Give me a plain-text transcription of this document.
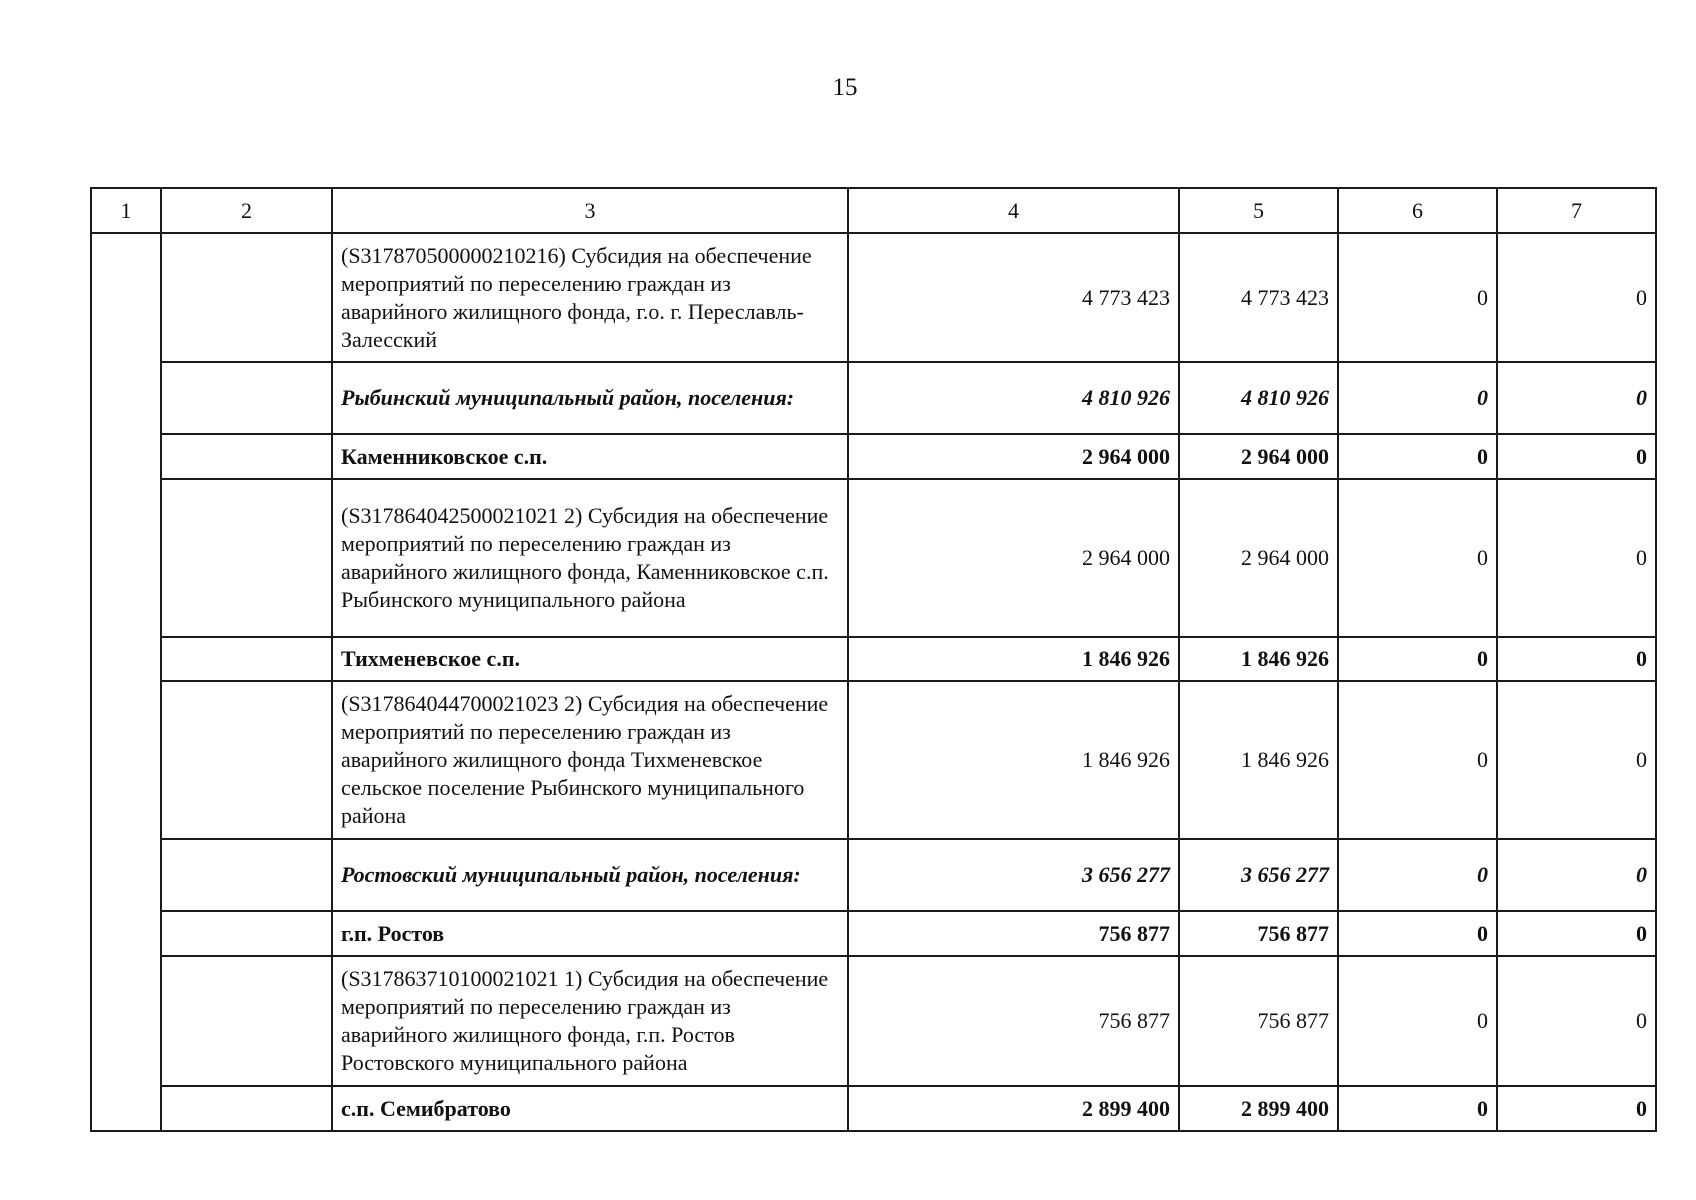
15
1	2	3	4	5	6	7
		(S317870500000210216) Субсидия на обеспечение мероприятий по переселению граждан из аварийного жилищного фонда, г.о. г. Переславль-Залесский	4 773 423	4 773 423	0	0
		Рыбинский муниципальный район, поселения:	4 810 926	4 810 926	0	0
		Каменниковское с.п.	2 964 000	2 964 000	0	0
		(S317864042500021021 2) Субсидия на обеспечение мероприятий по переселению граждан из аварийного жилищного фонда, Каменниковское с.п. Рыбинского муниципального района	2 964 000	2 964 000	0	0
		Тихменевское с.п.	1 846 926	1 846 926	0	0
		(S317864044700021023 2) Субсидия на обеспечение мероприятий по переселению граждан из аварийного жилищного фонда Тихменевское сельское поселение Рыбинского муниципального района	1 846 926	1 846 926	0	0
		Ростовский муниципальный район, поселения:	3 656 277	3 656 277	0	0
		г.п. Ростов	756 877	756 877	0	0
		(S317863710100021021 1) Субсидия на обеспечение мероприятий по переселению граждан из аварийного жилищного фонда, г.п. Ростов Ростовского муниципального района	756 877	756 877	0	0
		с.п. Семибратово	2 899 400	2 899 400	0	0
